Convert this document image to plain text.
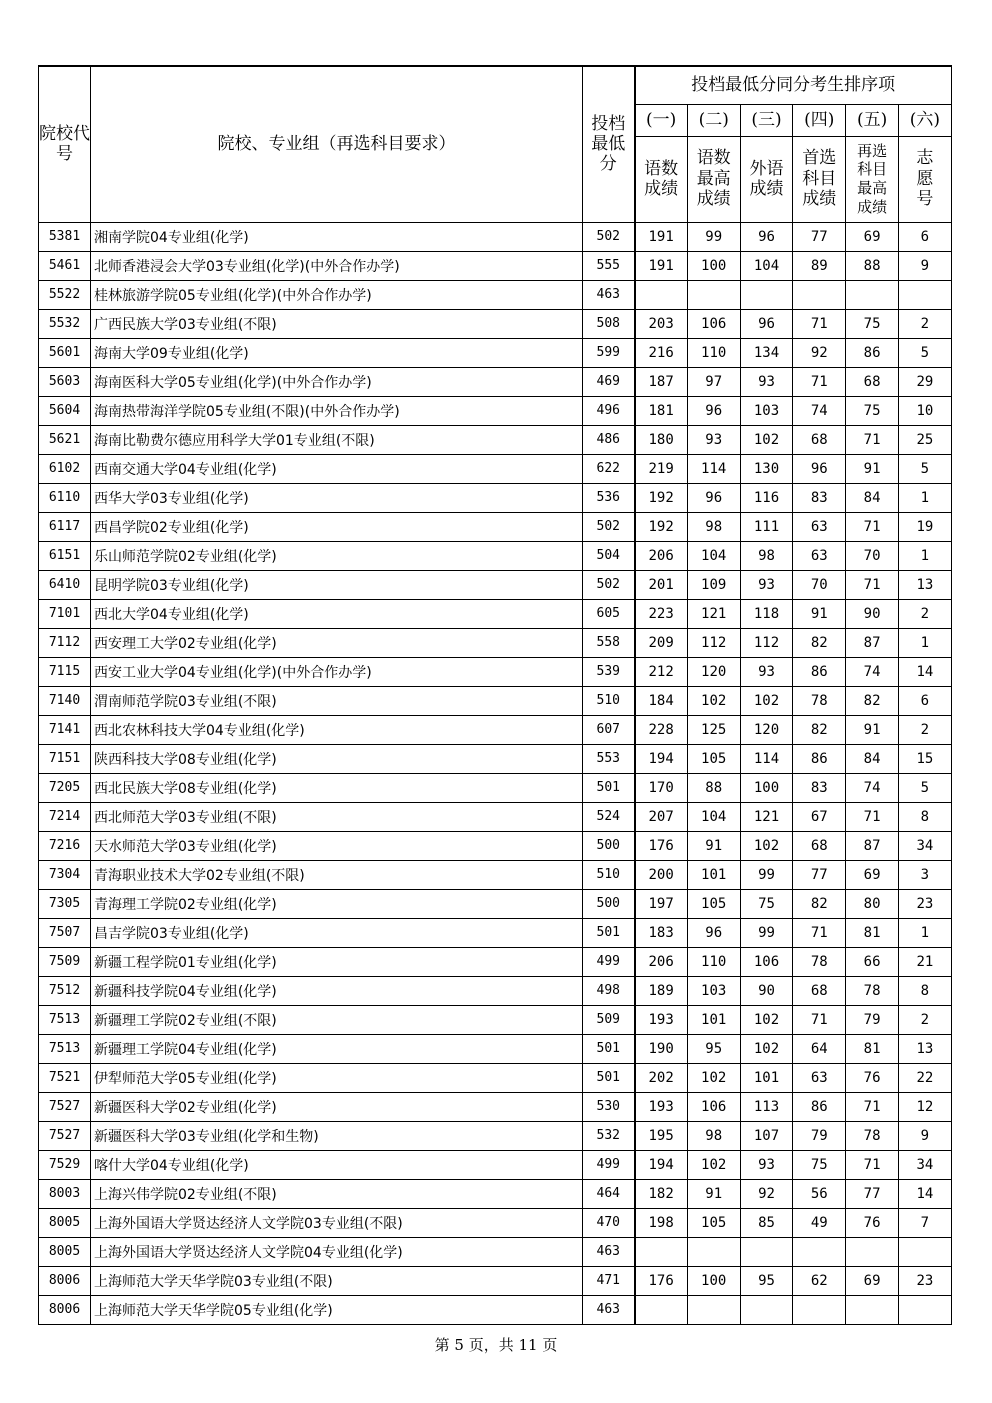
院校代号	院校、专业组（再选科目要求）	投档最低分	投档最低分同分考生排序项					
			(一)	(二)	(三)	(四)	(五)	(六)
			语数成绩	语数最高成绩	外语成绩	首选科目成绩	再选科目最高成绩	志愿号
5381	湘南学院04专业组(化学)	502	191	99	96	77	69	6
5461	北师香港浸会大学03专业组(化学)(中外合作办学)	555	191	100	104	89	88	9
5522	桂林旅游学院05专业组(化学)(中外合作办学)	463						
5532	广西民族大学03专业组(不限)	508	203	106	96	71	75	2
5601	海南大学09专业组(化学)	599	216	110	134	92	86	5
5603	海南医科大学05专业组(化学)(中外合作办学)	469	187	97	93	71	68	29
5604	海南热带海洋学院05专业组(不限)(中外合作办学)	496	181	96	103	74	75	10
5621	海南比勒费尔德应用科学大学01专业组(不限)	486	180	93	102	68	71	25
6102	西南交通大学04专业组(化学)	622	219	114	130	96	91	5
6110	西华大学03专业组(化学)	536	192	96	116	83	84	1
6117	西昌学院02专业组(化学)	502	192	98	111	63	71	19
6151	乐山师范学院02专业组(化学)	504	206	104	98	63	70	1
6410	昆明学院03专业组(化学)	502	201	109	93	70	71	13
7101	西北大学04专业组(化学)	605	223	121	118	91	90	2
7112	西安理工大学02专业组(化学)	558	209	112	112	82	87	1
7115	西安工业大学04专业组(化学)(中外合作办学)	539	212	120	93	86	74	14
7140	渭南师范学院03专业组(不限)	510	184	102	102	78	82	6
7141	西北农林科技大学04专业组(化学)	607	228	125	120	82	91	2
7151	陕西科技大学08专业组(化学)	553	194	105	114	86	84	15
7205	西北民族大学08专业组(化学)	501	170	88	100	83	74	5
7214	西北师范大学03专业组(不限)	524	207	104	121	67	71	8
7216	天水师范大学03专业组(化学)	500	176	91	102	68	87	34
7304	青海职业技术大学02专业组(不限)	510	200	101	99	77	69	3
7305	青海理工学院02专业组(化学)	500	197	105	75	82	80	23
7507	昌吉学院03专业组(化学)	501	183	96	99	71	81	1
7509	新疆工程学院01专业组(化学)	499	206	110	106	78	66	21
7512	新疆科技学院04专业组(化学)	498	189	103	90	68	78	8
7513	新疆理工学院02专业组(不限)	509	193	101	102	71	79	2
7513	新疆理工学院04专业组(化学)	501	190	95	102	64	81	13
7521	伊犁师范大学05专业组(化学)	501	202	102	101	63	76	22
7527	新疆医科大学02专业组(化学)	530	193	106	113	86	71	12
7527	新疆医科大学03专业组(化学和生物)	532	195	98	107	79	78	9
7529	喀什大学04专业组(化学)	499	194	102	93	75	71	34
8003	上海兴伟学院02专业组(不限)	464	182	91	92	56	77	14
8005	上海外国语大学贤达经济人文学院03专业组(不限)	470	198	105	85	49	76	7
8005	上海外国语大学贤达经济人文学院04专业组(化学)	463						
8006	上海师范大学天华学院03专业组(不限)	471	176	100	95	62	69	23
8006	上海师范大学天华学院05专业组(化学)	463						
第 5 页，共 11 页
